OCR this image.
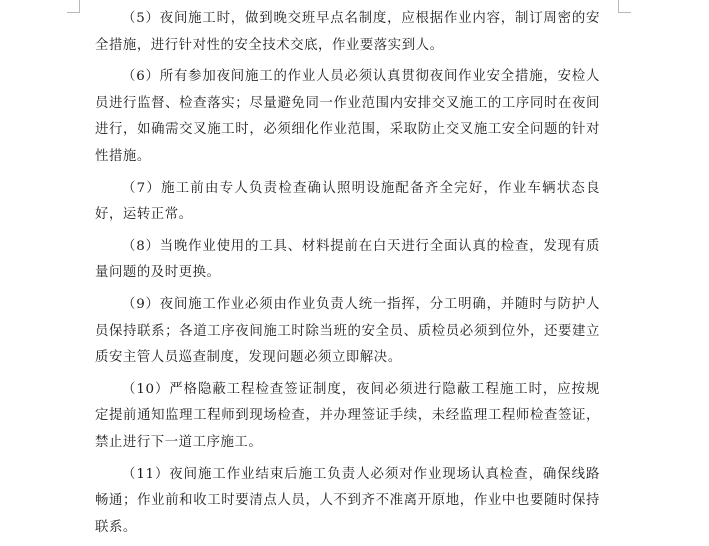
（5）夜间施工时，做到晚交班早点名制度，应根据作业内容，制订周密的安全措施，进行针对性的安全技术交底，作业要落实到人。

（6）所有参加夜间施工的作业人员必须认真贯彻夜间作业安全措施，安检人员进行监督、检查落实；尽量避免同一作业范围内安排交叉施工的工序同时在夜间进行，如确需交叉施工时，必须细化作业范围，采取防止交叉施工安全问题的针对性措施。

（7）施工前由专人负责检查确认照明设施配备齐全完好，作业车辆状态良好，运转正常。

（8）当晚作业使用的工具、材料提前在白天进行全面认真的检查，发现有质量问题的及时更换。

（9）夜间施工作业必须由作业负责人统一指挥，分工明确，并随时与防护人员保持联系；各道工序夜间施工时除当班的安全员、质检员必须到位外，还要建立质安主管人员巡查制度，发现问题必须立即解决。

（10）严格隐蔽工程检查签证制度，夜间必须进行隐蔽工程施工时，应按规定提前通知监理工程师到现场检查，并办理签证手续，未经监理工程师检查签证，禁止进行下一道工序施工。

（11）夜间施工作业结束后施工负责人必须对作业现场认真检查，确保线路畅通；作业前和收工时要清点人员，人不到齐不准离开原地，作业中也要随时保持联系。
